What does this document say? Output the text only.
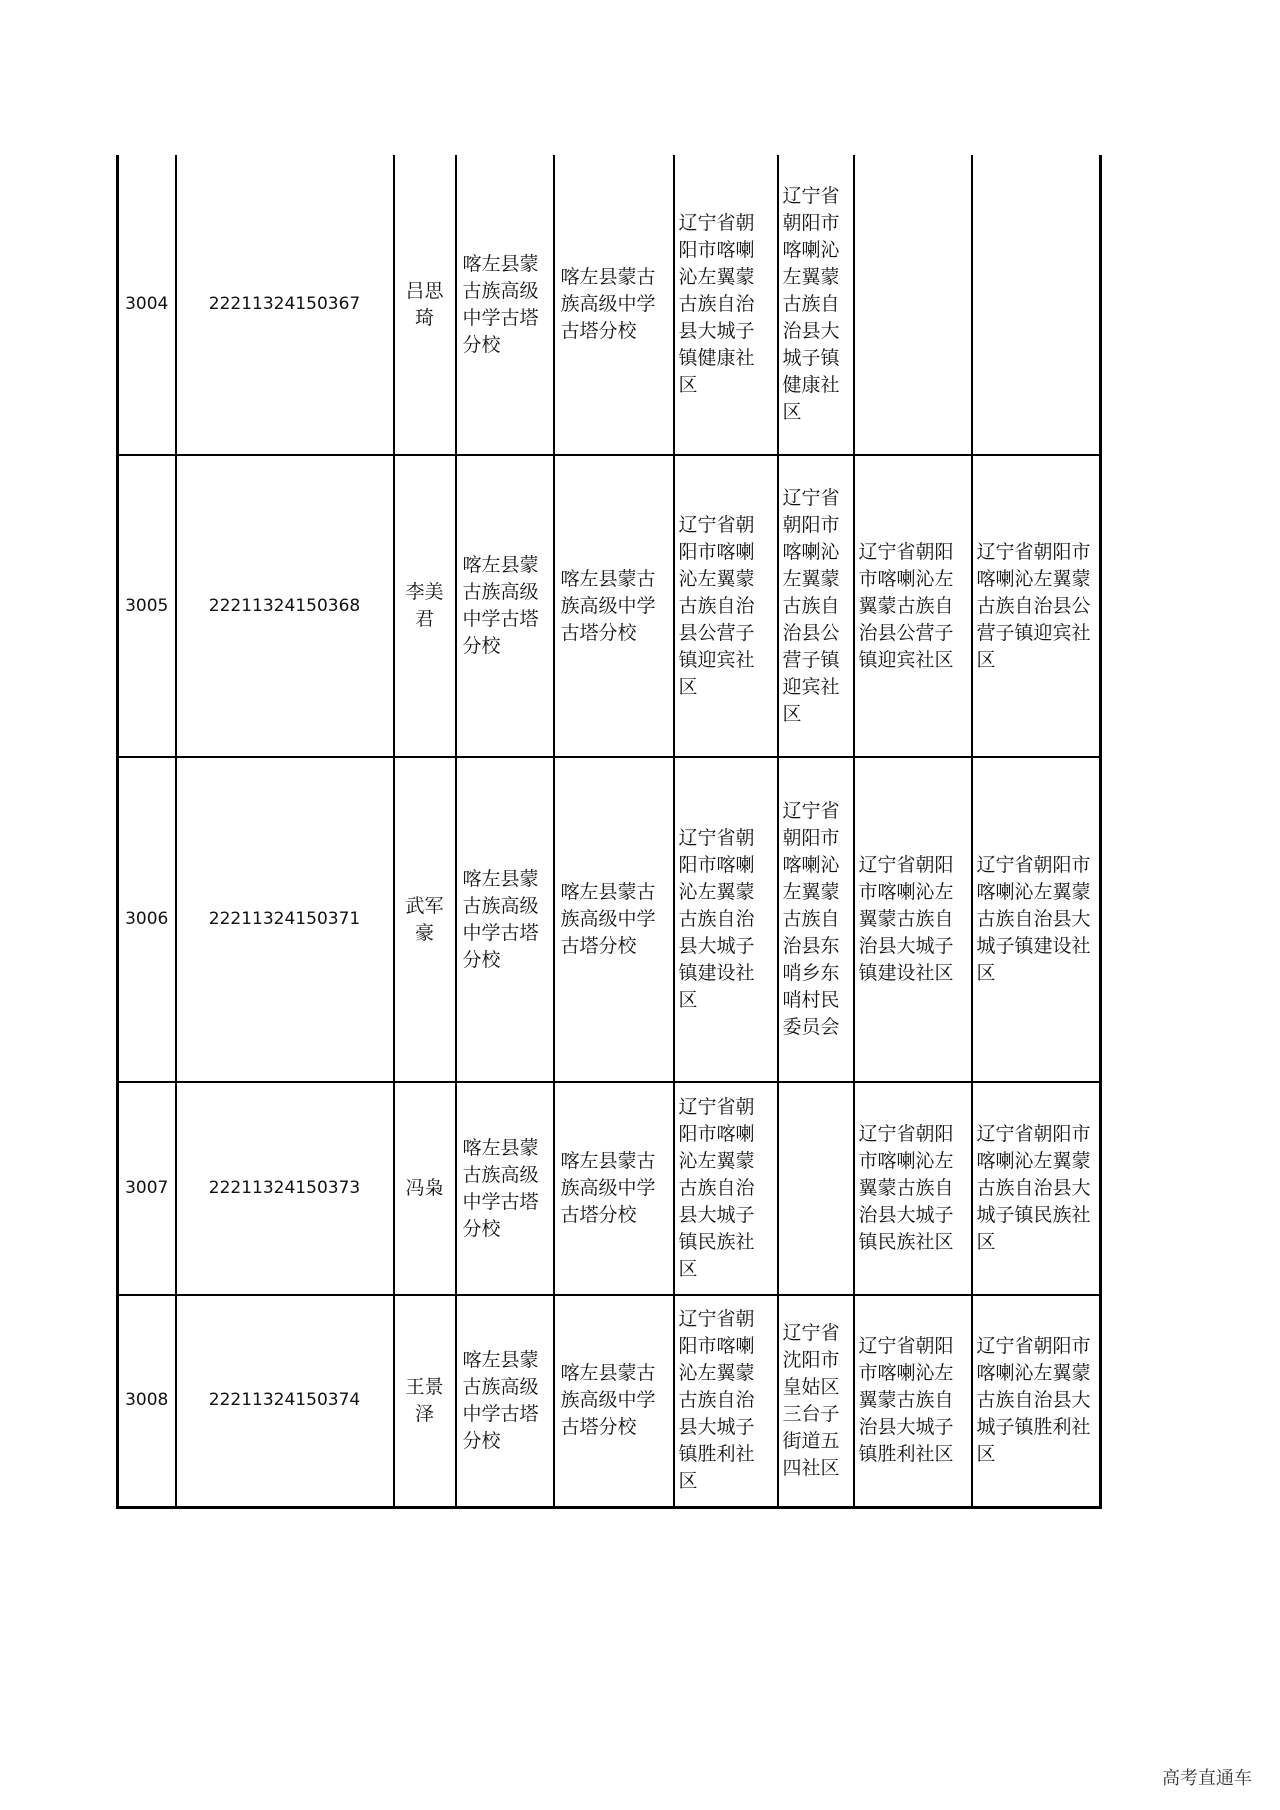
3004	22211324150367	吕思琦	喀左县蒙古族高级中学古塔分校	喀左县蒙古族高级中学古塔分校	辽宁省朝阳市喀喇沁左翼蒙古族自治县大城子镇健康社区	辽宁省朝阳市喀喇沁左翼蒙古族自治县大城子镇健康社区		
3005	22211324150368	李美君	喀左县蒙古族高级中学古塔分校	喀左县蒙古族高级中学古塔分校	辽宁省朝阳市喀喇沁左翼蒙古族自治县公营子镇迎宾社区	辽宁省朝阳市喀喇沁左翼蒙古族自治县公营子镇迎宾社区	辽宁省朝阳市喀喇沁左翼蒙古族自治县公营子镇迎宾社区	辽宁省朝阳市喀喇沁左翼蒙古族自治县公营子镇迎宾社区
3006	22211324150371	武军豪	喀左县蒙古族高级中学古塔分校	喀左县蒙古族高级中学古塔分校	辽宁省朝阳市喀喇沁左翼蒙古族自治县大城子镇建设社区	辽宁省朝阳市喀喇沁左翼蒙古族自治县东哨乡东哨村民委员会	辽宁省朝阳市喀喇沁左翼蒙古族自治县大城子镇建设社区	辽宁省朝阳市喀喇沁左翼蒙古族自治县大城子镇建设社区
3007	22211324150373	冯枭	喀左县蒙古族高级中学古塔分校	喀左县蒙古族高级中学古塔分校	辽宁省朝阳市喀喇沁左翼蒙古族自治县大城子镇民族社区		辽宁省朝阳市喀喇沁左翼蒙古族自治县大城子镇民族社区	辽宁省朝阳市喀喇沁左翼蒙古族自治县大城子镇民族社区
3008	22211324150374	王景泽	喀左县蒙古族高级中学古塔分校	喀左县蒙古族高级中学古塔分校	辽宁省朝阳市喀喇沁左翼蒙古族自治县大城子镇胜利社区	辽宁省沈阳市皇姑区三台子街道五四社区	辽宁省朝阳市喀喇沁左翼蒙古族自治县大城子镇胜利社区	辽宁省朝阳市喀喇沁左翼蒙古族自治县大城子镇胜利社区
高考直通车
